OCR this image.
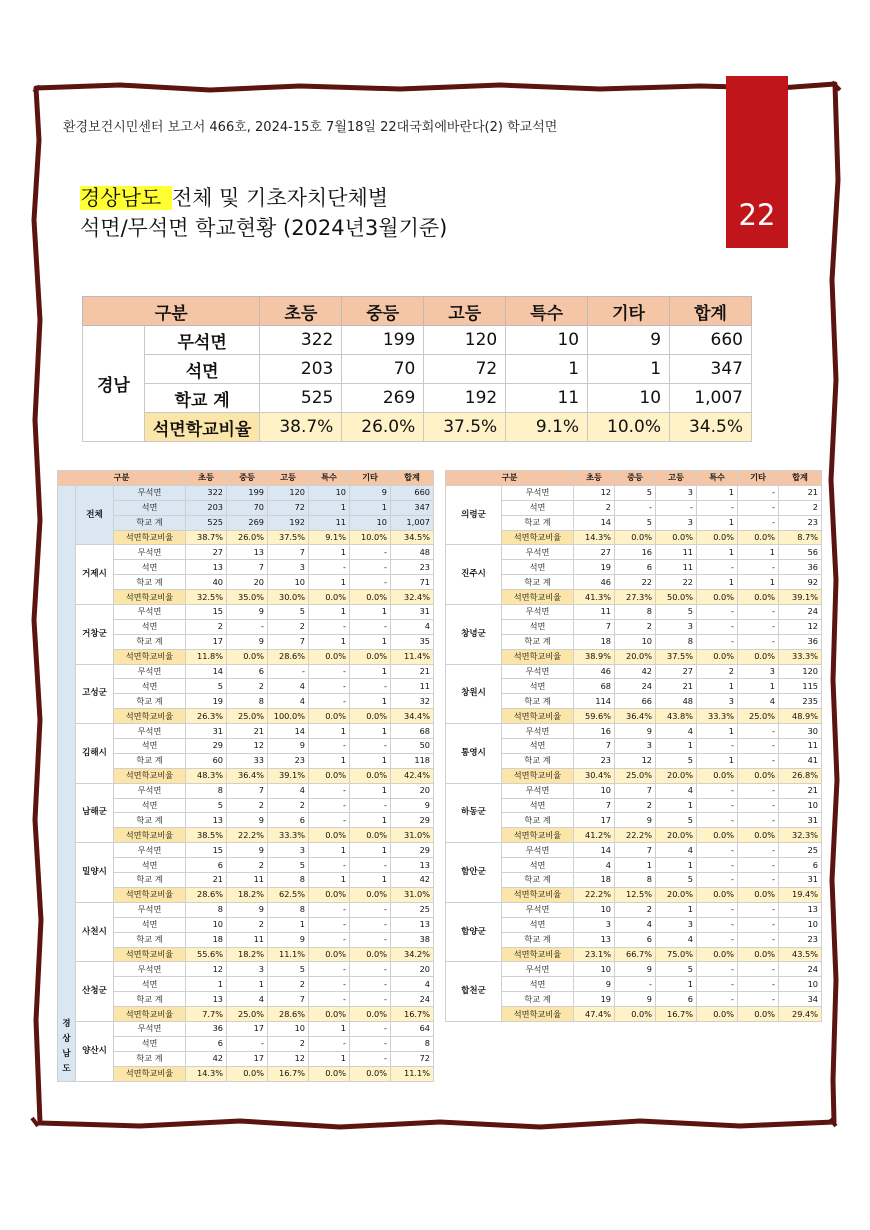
22
환경보건시민센터 보고서 466호, 2024-15호 7월18일 22대국회에바란다(2) 학교석면
경상남도 전체 및 기초자치단체별
석면/무석면 학교현황 (2024년3월기준)
구분		초등	중등	고등	특수	기타	합계
경남	무석면	322	199	120	10	9	660
	석면	203	70	72	1	1	347
	학교 계	525	269	192	11	10	1,007
	석면학교비율	38.7%	26.0%	37.5%	9.1%	10.0%	34.5%
구분			초등	중등	고등	특수	기타	합계

경
상
남
도	전체	무석면	322	199	120	10	9	660
		석면	203	70	72	1	1	347
		학교 계	525	269	192	11	10	1,007
		석면학교비율	38.7%	26.0%	37.5%	9.1%	10.0%	34.5%
	거제시	무석면	27	13	7	1	-	48
		석면	13	7	3	-	-	23
		학교 계	40	20	10	1	-	71
		석면학교비율	32.5%	35.0%	30.0%	0.0%	0.0%	32.4%
	거창군	무석면	15	9	5	1	1	31
		석면	2	-	2	-	-	4
		학교 계	17	9	7	1	1	35
		석면학교비율	11.8%	0.0%	28.6%	0.0%	0.0%	11.4%
	고성군	무석면	14	6	-	-	1	21
		석면	5	2	4	-	-	11
		학교 계	19	8	4	-	1	32
		석면학교비율	26.3%	25.0%	100.0%	0.0%	0.0%	34.4%
	김해시	무석면	31	21	14	1	1	68
		석면	29	12	9	-	-	50
		학교 계	60	33	23	1	1	118
		석면학교비율	48.3%	36.4%	39.1%	0.0%	0.0%	42.4%
	남해군	무석면	8	7	4	-	1	20
		석면	5	2	2	-	-	9
		학교 계	13	9	6	-	1	29
		석면학교비율	38.5%	22.2%	33.3%	0.0%	0.0%	31.0%
	밀양시	무석면	15	9	3	1	1	29
		석면	6	2	5	-	-	13
		학교 계	21	11	8	1	1	42
		석면학교비율	28.6%	18.2%	62.5%	0.0%	0.0%	31.0%
	사천시	무석면	8	9	8	-	-	25
		석면	10	2	1	-	-	13
		학교 계	18	11	9	-	-	38
		석면학교비율	55.6%	18.2%	11.1%	0.0%	0.0%	34.2%
	산청군	무석면	12	3	5	-	-	20
		석면	1	1	2	-	-	4
		학교 계	13	4	7	-	-	24
		석면학교비율	7.7%	25.0%	28.6%	0.0%	0.0%	16.7%
	양산시	무석면	36	17	10	1	-	64
		석면	6	-	2	-	-	8
		학교 계	42	17	12	1	-	72
		석면학교비율	14.3%	0.0%	16.7%	0.0%	0.0%	11.1%
구분		초등	중등	고등	특수	기타	합계
의령군	무석면	12	5	3	1	-	21
	석면	2	-	-	-	-	2
	학교 계	14	5	3	1	-	23
	석면학교비율	14.3%	0.0%	0.0%	0.0%	0.0%	8.7%
진주시	무석면	27	16	11	1	1	56
	석면	19	6	11	-	-	36
	학교 계	46	22	22	1	1	92
	석면학교비율	41.3%	27.3%	50.0%	0.0%	0.0%	39.1%
창녕군	무석면	11	8	5	-	-	24
	석면	7	2	3	-	-	12
	학교 계	18	10	8	-	-	36
	석면학교비율	38.9%	20.0%	37.5%	0.0%	0.0%	33.3%
창원시	무석면	46	42	27	2	3	120
	석면	68	24	21	1	1	115
	학교 계	114	66	48	3	4	235
	석면학교비율	59.6%	36.4%	43.8%	33.3%	25.0%	48.9%
통영시	무석면	16	9	4	1	-	30
	석면	7	3	1	-	-	11
	학교 계	23	12	5	1	-	41
	석면학교비율	30.4%	25.0%	20.0%	0.0%	0.0%	26.8%
하동군	무석면	10	7	4	-	-	21
	석면	7	2	1	-	-	10
	학교 계	17	9	5	-	-	31
	석면학교비율	41.2%	22.2%	20.0%	0.0%	0.0%	32.3%
함안군	무석면	14	7	4	-	-	25
	석면	4	1	1	-	-	6
	학교 계	18	8	5	-	-	31
	석면학교비율	22.2%	12.5%	20.0%	0.0%	0.0%	19.4%
함양군	무석면	10	2	1	-	-	13
	석면	3	4	3	-	-	10
	학교 계	13	6	4	-	-	23
	석면학교비율	23.1%	66.7%	75.0%	0.0%	0.0%	43.5%
합천군	무석면	10	9	5	-	-	24
	석면	9	-	1	-	-	10
	학교 계	19	9	6	-	-	34
	석면학교비율	47.4%	0.0%	16.7%	0.0%	0.0%	29.4%
